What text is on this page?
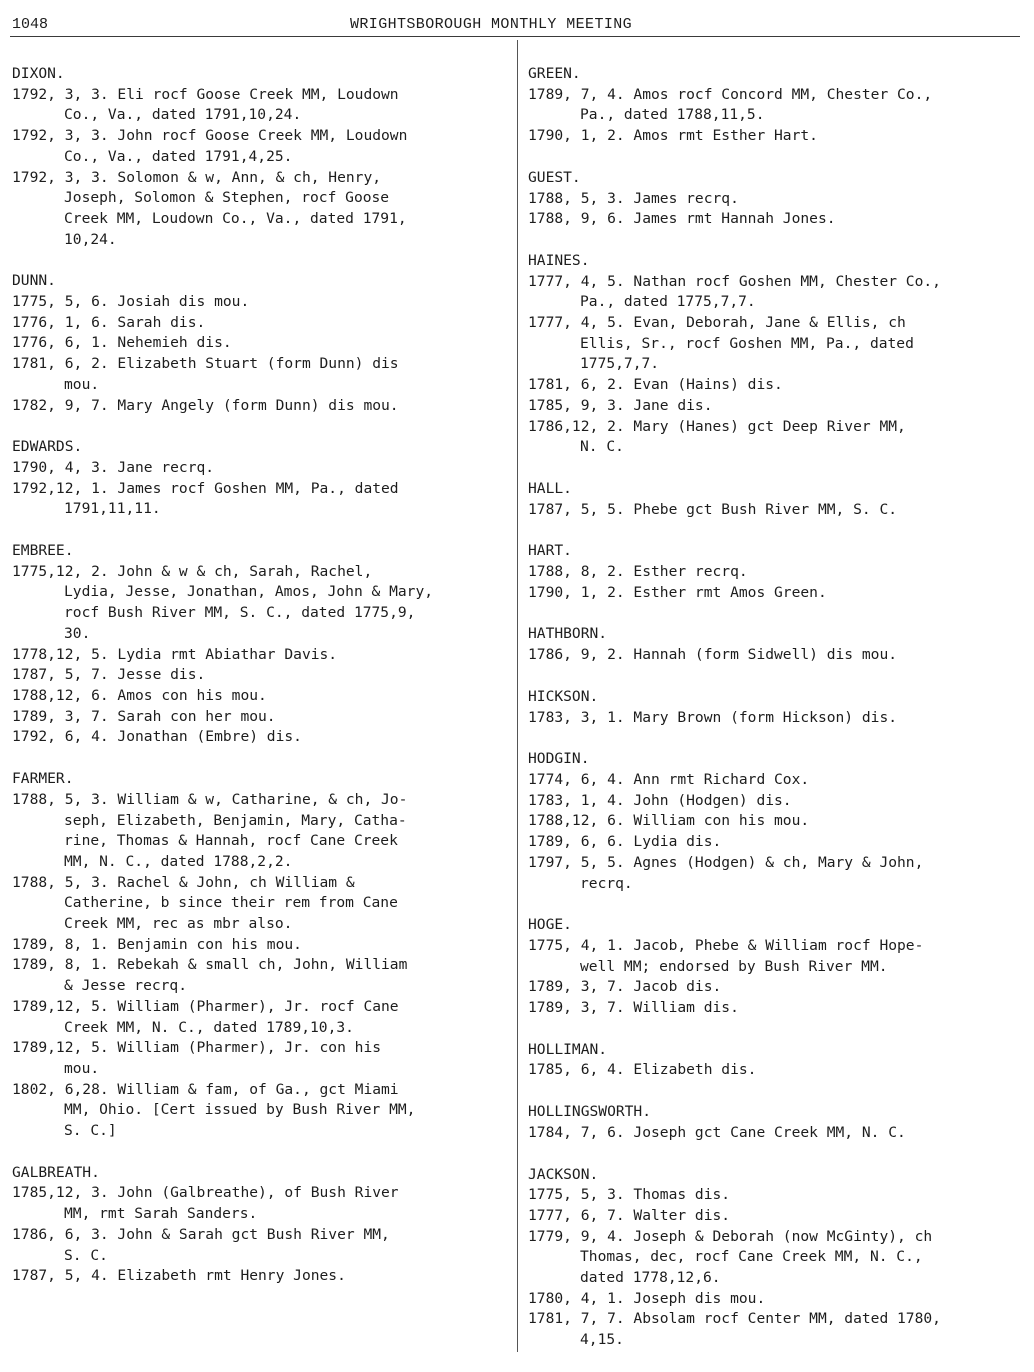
1048	WRIGHTSBOROUGH MONTHLY MEETING
DIXON.
1792, 3, 3. Eli rocf Goose Creek MM, Loudown
Co., Va., dated 1791,10,24.
1792, 3, 3. John rocf Goose Creek MM, Loudown
Co., Va., dated 1791,4,25.
1792, 3, 3. Solomon & w, Ann, & ch, Henry,
Joseph, Solomon & Stephen, rocf Goose
Creek MM, Loudown Co., Va., dated 1791,
10,24.
DUNN.
1775, 5, 6. Josiah dis mou.
1776, 1, 6. Sarah dis.
1776, 6, 1. Nehemieh dis.
1781, 6, 2. Elizabeth Stuart (form Dunn) dis
mou.
1782, 9, 7. Mary Angely (form Dunn) dis mou.
EDWARDS.
1790, 4, 3. Jane recrq.
1792,12, 1. James rocf Goshen MM, Pa., dated
1791,11,11.
EMBREE.
1775,12, 2. John & w & ch, Sarah, Rachel,
Lydia, Jesse, Jonathan, Amos, John & Mary,
rocf Bush River MM, S. C., dated 1775,9,
30.
1778,12, 5. Lydia rmt Abiathar Davis.
1787, 5, 7. Jesse dis.
1788,12, 6. Amos con his mou.
1789, 3, 7. Sarah con her mou.
1792, 6, 4. Jonathan (Embre) dis.
FARMER.
1788, 5, 3. William & w, Catharine, & ch, Jo-
seph, Elizabeth, Benjamin, Mary, Catha-
rine, Thomas & Hannah, rocf Cane Creek
MM, N. C., dated 1788,2,2.
1788, 5, 3. Rachel & John, ch William &
Catherine, b since their rem from Cane
Creek MM, rec as mbr also.
1789, 8, 1. Benjamin con his mou.
1789, 8, 1. Rebekah & small ch, John, William
& Jesse recrq.
1789,12, 5. William (Pharmer), Jr. rocf Cane
Creek MM, N. C., dated 1789,10,3.
1789,12, 5. William (Pharmer), Jr. con his
mou.
1802, 6,28. William & fam, of Ga., gct Miami
MM, Ohio. [Cert issued by Bush River MM,
S. C.]
GALBREATH.
1785,12, 3. John (Galbreathe), of Bush River
MM, rmt Sarah Sanders.
1786, 6, 3. John & Sarah gct Bush River MM,
S. C.
1787, 5, 4. Elizabeth rmt Henry Jones.
GREEN.
1789, 7, 4. Amos rocf Concord MM, Chester Co.,
Pa., dated 1788,11,5.
1790, 1, 2. Amos rmt Esther Hart.
GUEST.
1788, 5, 3. James recrq.
1788, 9, 6. James rmt Hannah Jones.
HAINES.
1777, 4, 5. Nathan rocf Goshen MM, Chester Co.,
Pa., dated 1775,7,7.
1777, 4, 5. Evan, Deborah, Jane & Ellis, ch
Ellis, Sr., rocf Goshen MM, Pa., dated
1775,7,7.
1781, 6, 2. Evan (Hains) dis.
1785, 9, 3. Jane dis.
1786,12, 2. Mary (Hanes) gct Deep River MM,
N. C.
HALL.
1787, 5, 5. Phebe gct Bush River MM, S. C.
HART.
1788, 8, 2. Esther recrq.
1790, 1, 2. Esther rmt Amos Green.
HATHBORN.
1786, 9, 2. Hannah (form Sidwell) dis mou.
HICKSON.
1783, 3, 1. Mary Brown (form Hickson) dis.
HODGIN.
1774, 6, 4. Ann rmt Richard Cox.
1783, 1, 4. John (Hodgen) dis.
1788,12, 6. William con his mou.
1789, 6, 6. Lydia dis.
1797, 5, 5. Agnes (Hodgen) & ch, Mary & John,
recrq.
HOGE.
1775, 4, 1. Jacob, Phebe & William rocf Hope-
well MM; endorsed by Bush River MM.
1789, 3, 7. Jacob dis.
1789, 3, 7. William dis.
HOLLIMAN.
1785, 6, 4. Elizabeth dis.
HOLLINGSWORTH.
1784, 7, 6. Joseph gct Cane Creek MM, N. C.
JACKSON.
1775, 5, 3. Thomas dis.
1777, 6, 7. Walter dis.
1779, 9, 4. Joseph & Deborah (now McGinty), ch
Thomas, dec, rocf Cane Creek MM, N. C.,
dated 1778,12,6.
1780, 4, 1. Joseph dis mou.
1781, 7, 7. Absolam rocf Center MM, dated 1780,
4,15.
